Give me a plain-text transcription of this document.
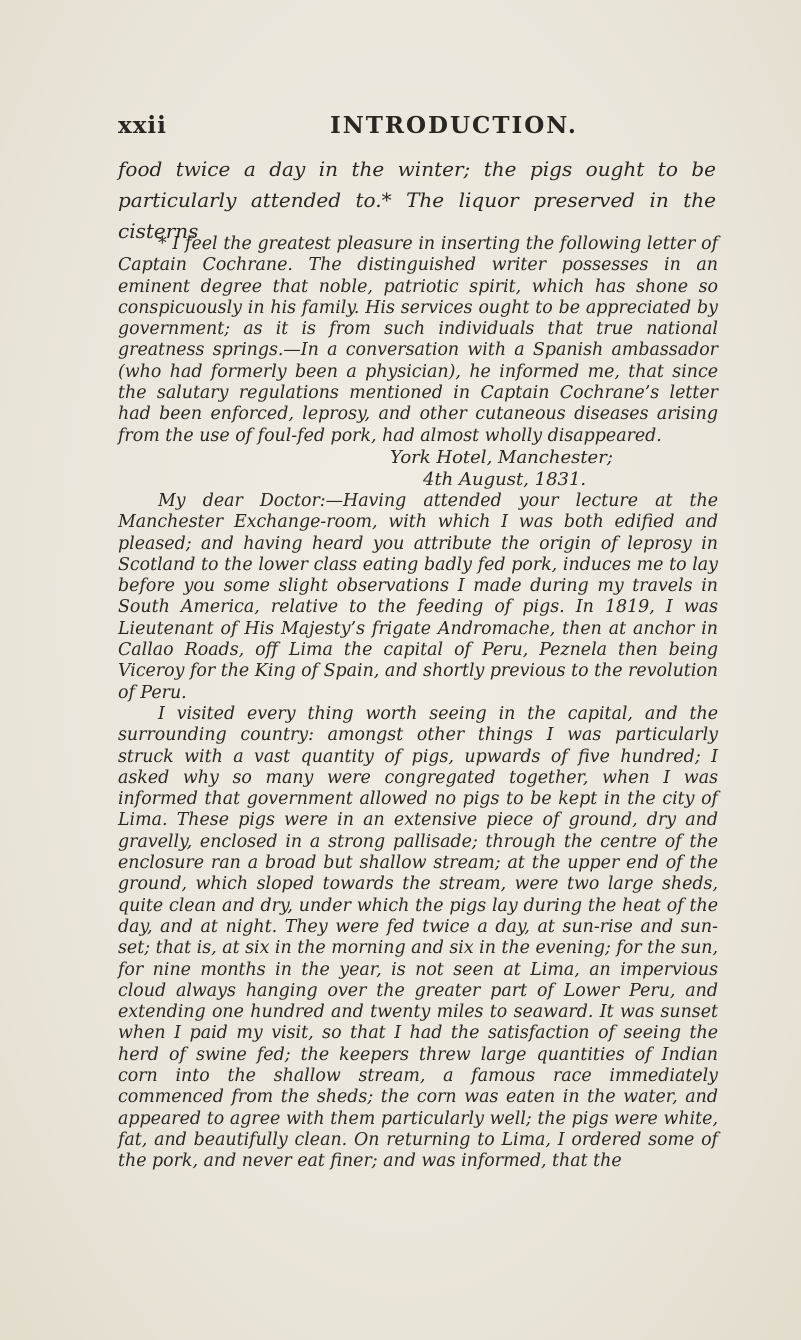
xxii	INTRODUCTION.

food twice a day in the winter; the pigs ought to be particularly attended to.* The liquor preserved in the cisterns

* I feel the greatest pleasure in inserting the following letter of Captain Cochrane. The distinguished writer possesses in an eminent degree that noble, patriotic spirit, which has shone so conspicuously in his family. His services ought to be appreciated by government; as it is from such individuals that true national greatness springs.—In a conversation with a Spanish ambassador (who had formerly been a physician), he informed me, that since the salutary regulations mentioned in Captain Cochrane’s letter had been enforced, leprosy, and other cutaneous diseases arising from the use of foul-fed pork, had almost wholly disappeared.

York Hotel, Manchester;

4th August, 1831.

My dear Doctor:—Having attended your lecture at the Manchester Exchange-room, with which I was both edified and pleased; and having heard you attribute the origin of leprosy in Scotland to the lower class eating badly fed pork, induces me to lay before you some slight observations I made during my travels in South America, relative to the feeding of pigs. In 1819, I was Lieutenant of His Majesty’s frigate Andromache, then at anchor in Callao Roads, off Lima the capital of Peru, Peznela then being Viceroy for the King of Spain, and shortly previous to the revolution of Peru.

I visited every thing worth seeing in the capital, and the surrounding country: amongst other things I was particularly struck with a vast quantity of pigs, upwards of five hundred; I asked why so many were congregated together, when I was informed that government allowed no pigs to be kept in the city of Lima. These pigs were in an extensive piece of ground, dry and gravelly, enclosed in a strong pallisade; through the centre of the enclosure ran a broad but shallow stream; at the upper end of the ground, which sloped towards the stream, were two large sheds, quite clean and dry, under which the pigs lay during the heat of the day, and at night. They were fed twice a day, at sun-rise and sun-set; that is, at six in the morning and six in the evening; for the sun, for nine months in the year, is not seen at Lima, an impervious cloud always hanging over the greater part of Lower Peru, and extending one hundred and twenty miles to seaward. It was sunset when I paid my visit, so that I had the satisfaction of seeing the herd of swine fed; the keepers threw large quantities of Indian corn into the shallow stream, a famous race immediately commenced from the sheds; the corn was eaten in the water, and appeared to agree with them particularly well; the pigs were white, fat, and beautifully clean. On returning to Lima, I ordered some of the pork, and never eat finer; and was informed, that the
